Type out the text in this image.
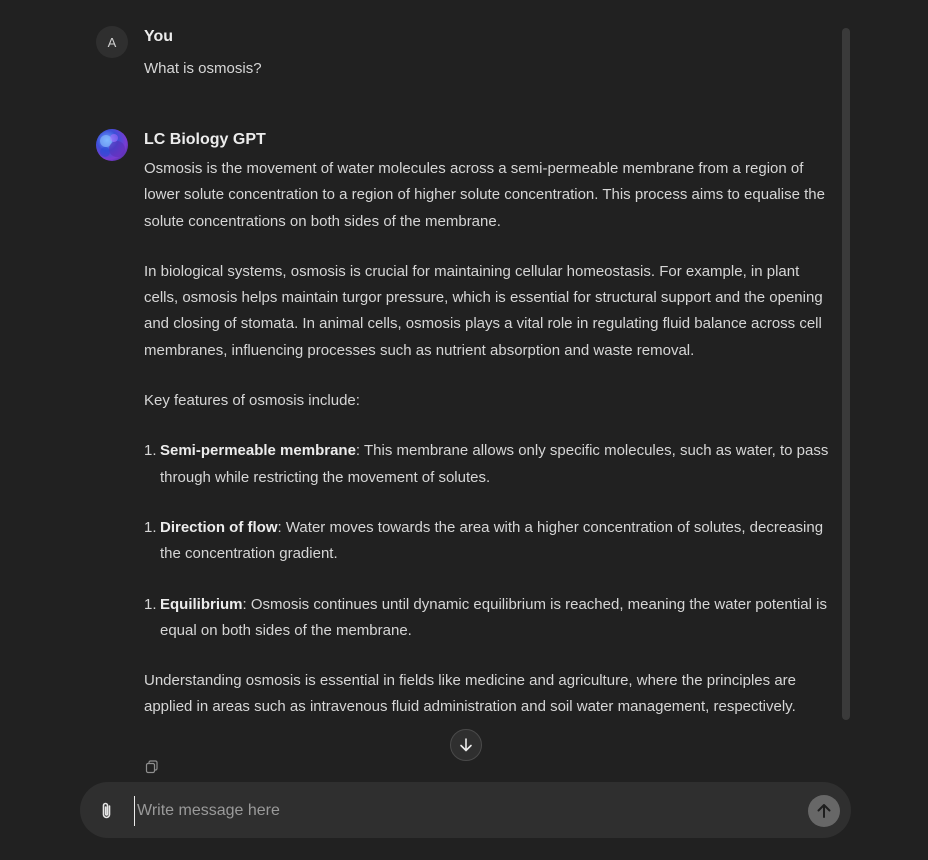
A You
What is osmosis?
LC Biology GPT

Osmosis is the movement of water molecules across a semi-permeable membrane from a region of lower solute concentration to a region of higher solute concentration. This process aims to equalise the solute concentrations on both sides of the membrane.

In biological systems, osmosis is crucial for maintaining cellular homeostasis. For example, in plant cells, osmosis helps maintain turgor pressure, which is essential for structural support and the opening and closing of stomata. In animal cells, osmosis plays a vital role in regulating fluid balance across cell membranes, influencing processes such as nutrient absorption and waste removal.

Key features of osmosis include:

1. Semi-permeable membrane: This membrane allows only specific molecules, such as water, to pass through while restricting the movement of solutes.
1. Direction of flow: Water moves towards the area with a higher concentration of solutes, decreasing the concentration gradient.
1. Equilibrium: Osmosis continues until dynamic equilibrium is reached, meaning the water potential is equal on both sides of the membrane.

Understanding osmosis is essential in fields like medicine and agriculture, where the principles are applied in areas such as intravenous fluid administration and soil water management, respectively.

Write message here
